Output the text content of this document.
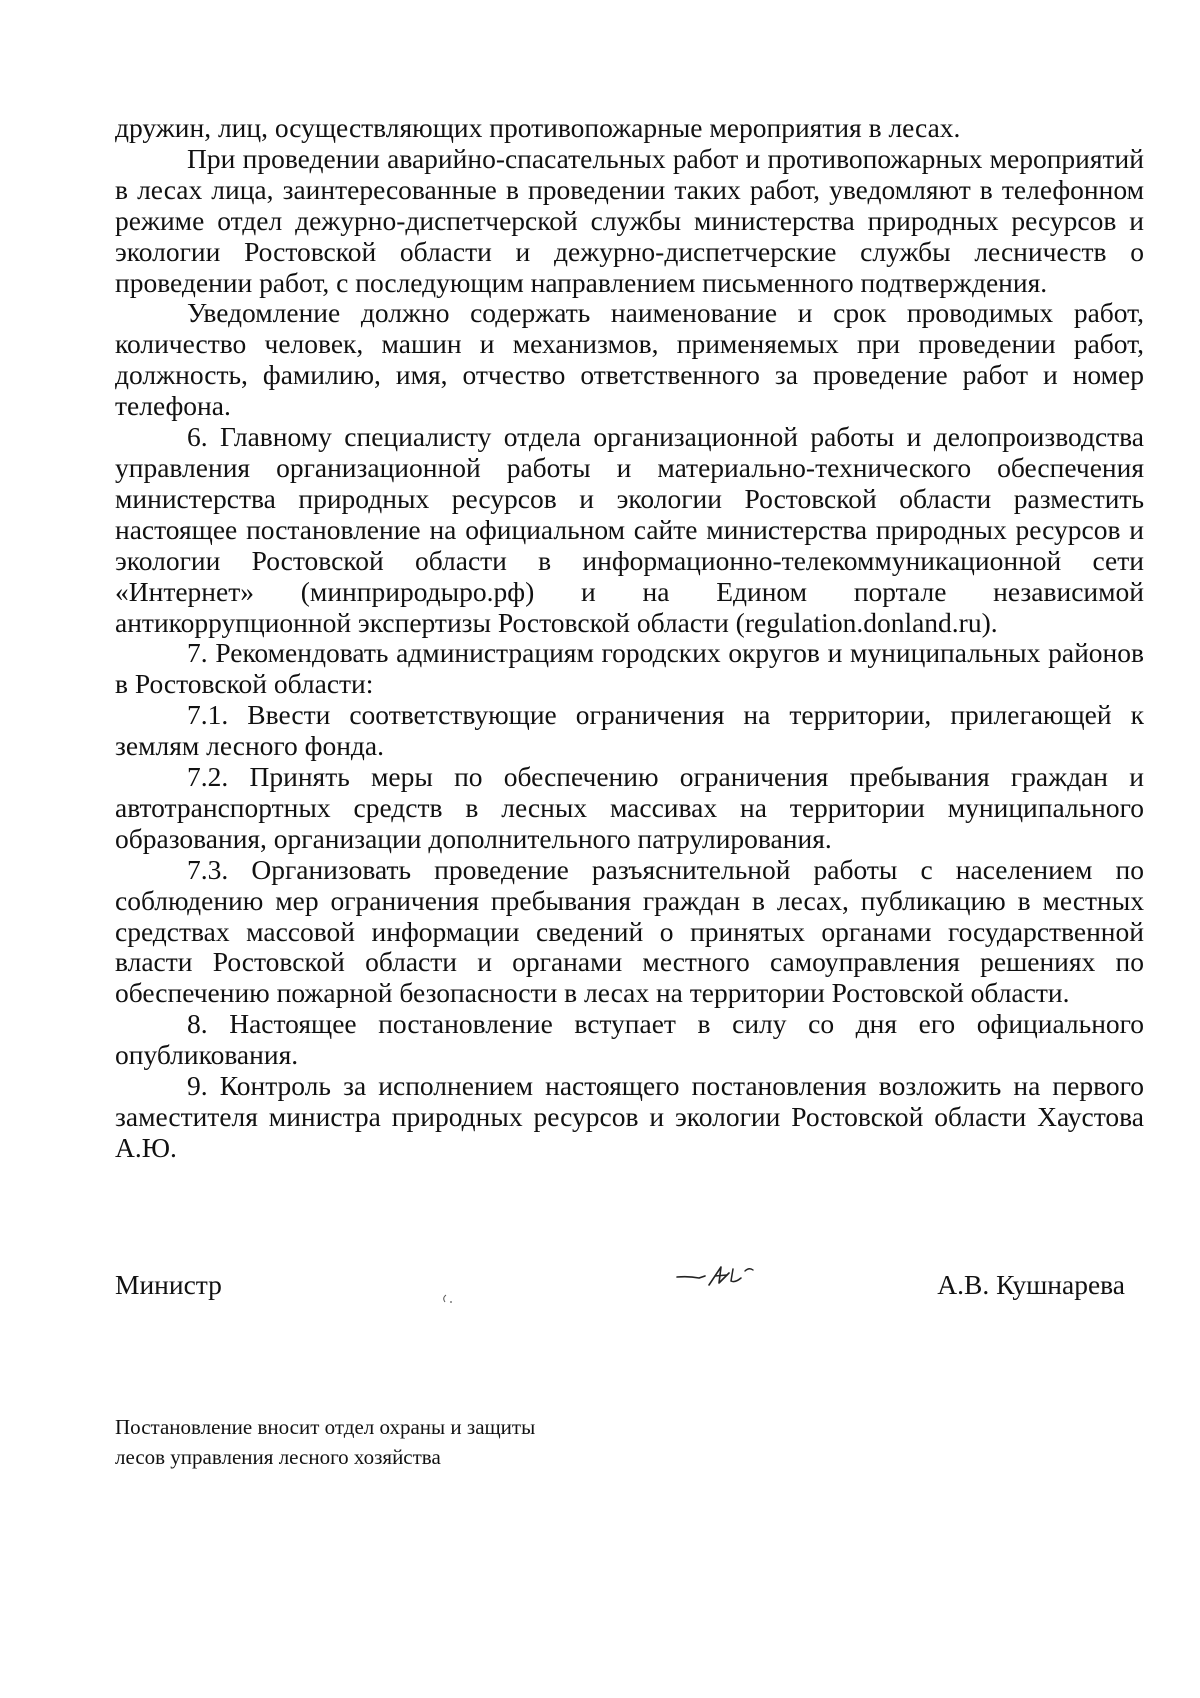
дружин, лиц, осуществляющих противопожарные мероприятия в лесах.

При проведении аварийно-спасательных работ и противопожарных мероприятий в лесах лица, заинтересованные в проведении таких работ, уведомляют в телефонном режиме отдел дежурно-диспетчерской службы министерства природных ресурсов и экологии Ростовской области и дежурно-диспетчерские службы лесничеств о проведении работ, с последующим направлением письменного подтверждения.

Уведомление должно содержать наименование и срок проводимых работ, количество человек, машин и механизмов, применяемых при проведении работ, должность, фамилию, имя, отчество ответственного за проведение работ и номер телефона.

6. Главному специалисту отдела организационной работы и делопроизводства управления организационной работы и материально-технического обеспечения министерства природных ресурсов и экологии Ростовской области разместить настоящее постановление на официальном сайте министерства природных ресурсов и экологии Ростовской области в информационно-телекоммуникационной сети «Интернет» (минприродыро.рф) и на Едином портале независимой антикоррупционной экспертизы Ростовской области (regulation.donland.ru).

7. Рекомендовать администрациям городских округов и муниципальных районов в Ростовской области:

7.1. Ввести соответствующие ограничения на территории, прилегающей к землям лесного фонда.

7.2. Принять меры по обеспечению ограничения пребывания граждан и автотранспортных средств в лесных массивах на территории муниципального образования, организации дополнительного патрулирования.

7.3. Организовать проведение разъяснительной работы с населением по соблюдению мер ограничения пребывания граждан в лесах, публикацию в местных средствах массовой информации сведений о принятых органами государственной власти Ростовской области и органами местного самоуправления решениях по обеспечению пожарной безопасности в лесах на территории Ростовской области.

8. Настоящее постановление вступает в силу со дня его официального опубликования.

9. Контроль за исполнением настоящего постановления возложить на первого заместителя министра природных ресурсов и экологии Ростовской области Хаустова А.Ю.

Министр	А.В. Кушнарева
Постановление вносит отдел охраны и защиты
лесов управления лесного хозяйства
